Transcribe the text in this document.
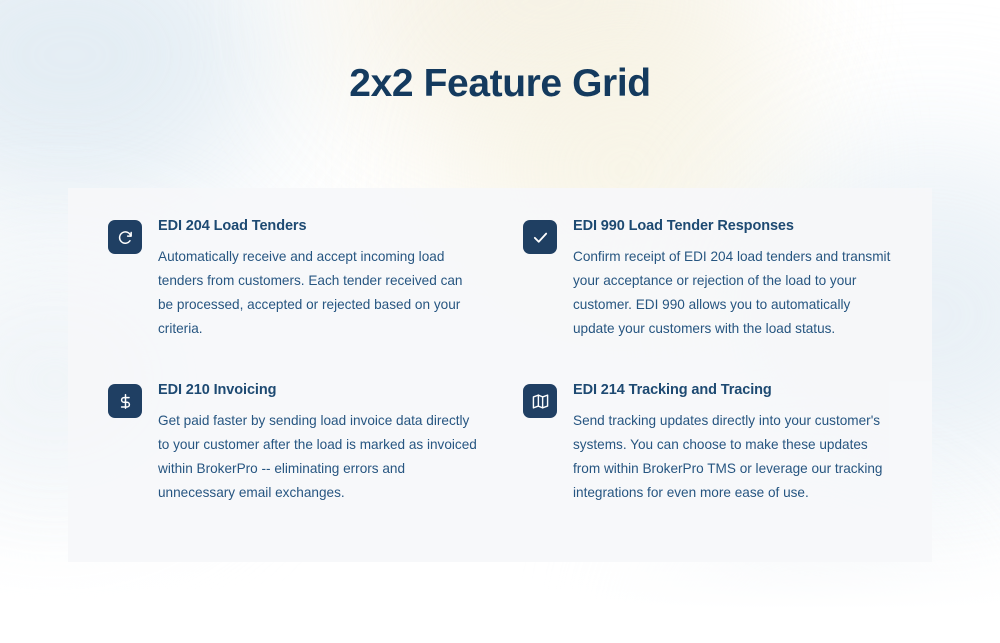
2x2 Feature Grid

EDI 204 Load Tenders

Automatically receive and accept incoming load tenders from customers. Each tender received can be processed, accepted or rejected based on your criteria.

EDI 990 Load Tender Responses

Confirm receipt of EDI 204 load tenders and transmit your acceptance or rejection of the load to your customer. EDI 990 allows you to automatically update your customers with the load status.

EDI 210 Invoicing

Get paid faster by sending load invoice data directly to your customer after the load is marked as invoiced within BrokerPro -- eliminating errors and unnecessary email exchanges.

EDI 214 Tracking and Tracing

Send tracking updates directly into your customer's systems. You can choose to make these updates from within BrokerPro TMS or leverage our tracking integrations for even more ease of use.
